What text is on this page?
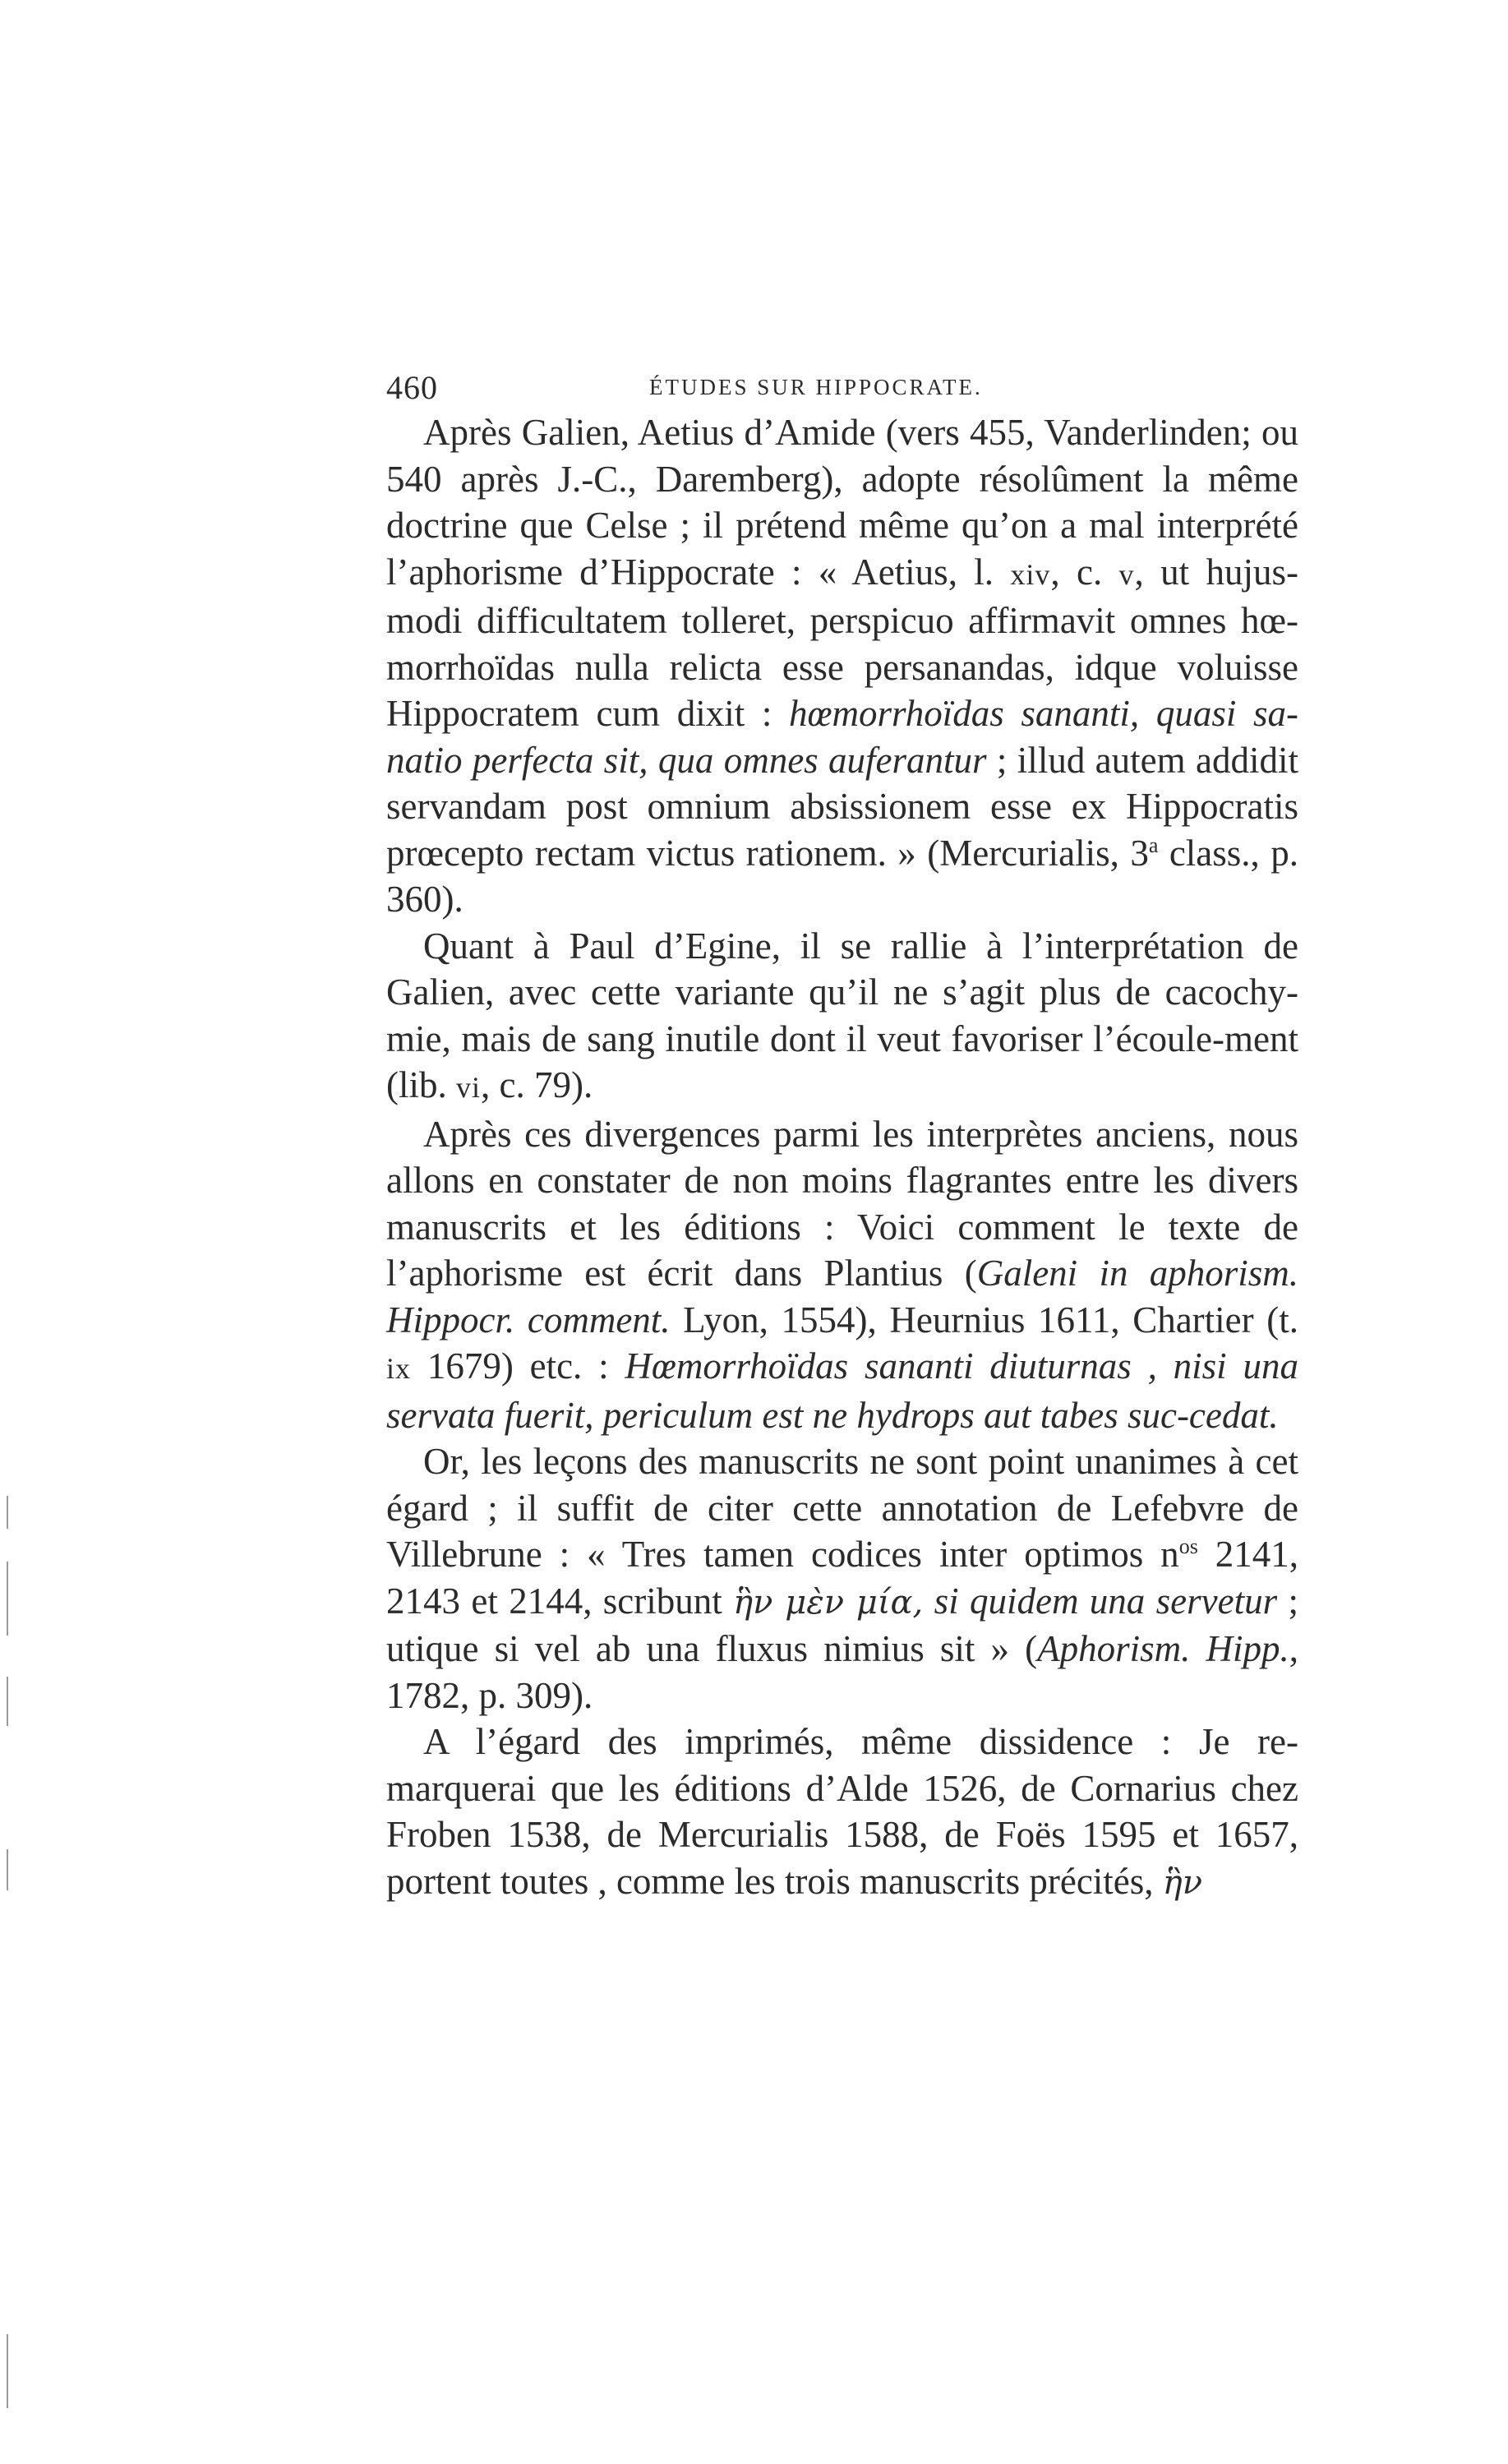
460	ÉTUDES SUR HIPPOCRATE.

Après Galien, Aetius d’Amide (vers 455, Vanderlinden; ou 540 après J.-C., Daremberg), adopte résolûment la même doctrine que Celse ; il prétend même qu’on a mal interprété l’aphorisme d’Hippocrate : « Aetius, l. xiv, c. v, ut hujus-modi difficultatem tolleret, perspicuo affirmavit omnes hœ-morrhoïdas nulla relicta esse persanandas, idque voluisse Hippocratem cum dixit : hœmorrhoïdas sananti, quasi sa-natio perfecta sit, qua omnes auferantur ; illud autem addidit servandam post omnium absissionem esse ex Hippocratis prœcepto rectam victus rationem. » (Mercurialis, 3$^a$ class., p. 360).

Quant à Paul d’Egine, il se rallie à l’interprétation de Galien, avec cette variante qu’il ne s’agit plus de cacochy-mie, mais de sang inutile dont il veut favoriser l’écoule-ment (lib. vi, c. 79).

Après ces divergences parmi les interprètes anciens, nous allons en constater de non moins flagrantes entre les divers manuscrits et les éditions : Voici comment le texte de l’aphorisme est écrit dans Plantius (Galeni in aphorism. Hippocr. comment. Lyon, 1554), Heurnius 1611, Chartier (t. ix 1679) etc. : Hœmorrhoïdas sananti diuturnas , nisi una servata fuerit, periculum est ne hydrops aut tabes suc-cedat.

Or, les leçons des manuscrits ne sont point unanimes à cet égard ; il suffit de citer cette annotation de Lefebvre de Villebrune : « Tres tamen codices inter optimos $n^{os}$ 2141, 2143 et 2144, scribunt ἣν μὲν μία, si quidem una servetur ; utique si vel ab una fluxus nimius sit » (Aphorism. Hipp., 1782, p. 309).

A l’égard des imprimés, même dissidence : Je re-marquerai que les éditions d’Alde 1526, de Cornarius chez Froben 1538, de Mercurialis 1588, de Foës 1595 et 1657, portent toutes , comme les trois manuscrits précités, ἣν
